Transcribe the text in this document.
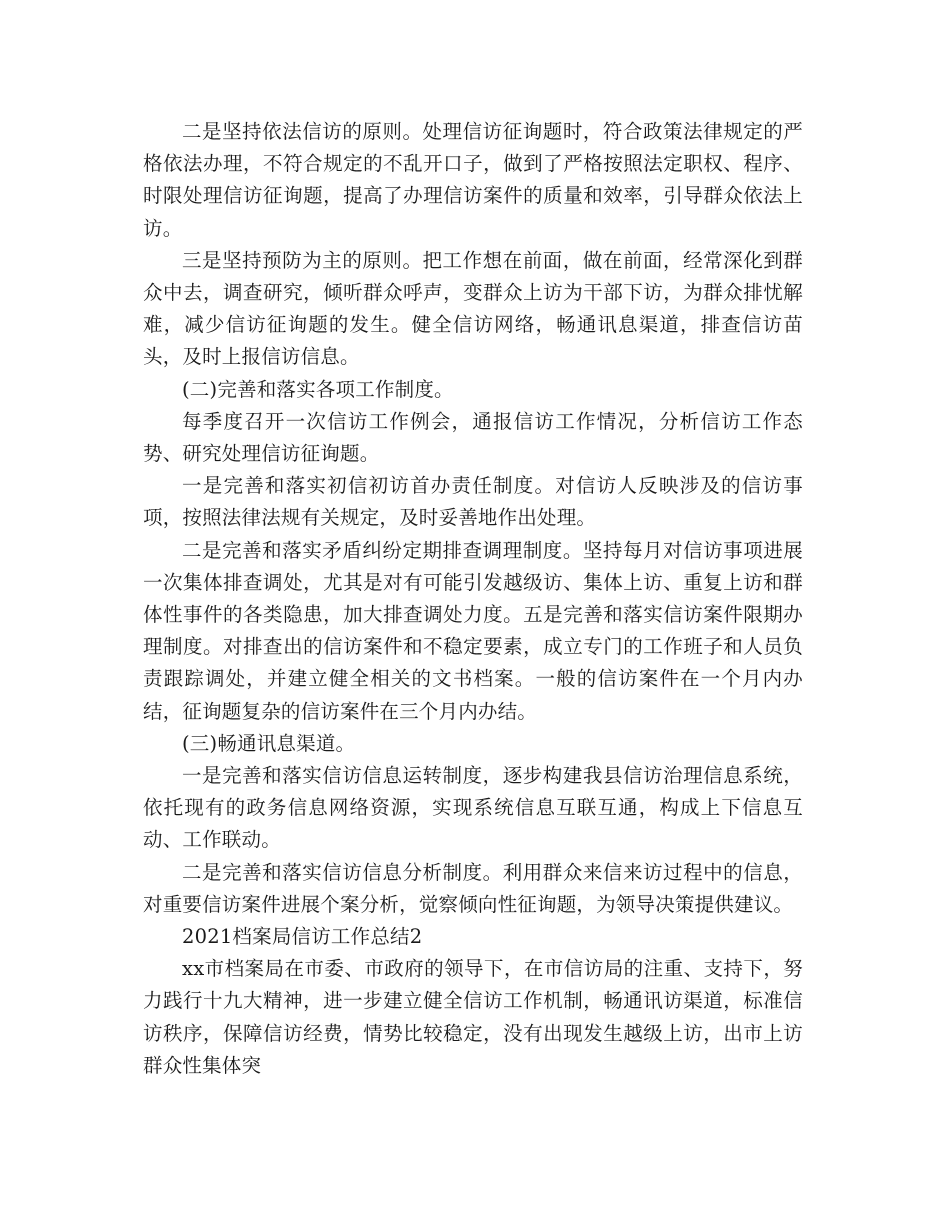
二是坚持依法信访的原则。处理信访征询题时，符合政策法律规定的严格依法办理，不符合规定的不乱开口子，做到了严格按照法定职权、程序、时限处理信访征询题，提高了办理信访案件的质量和效率，引导群众依法上访。

三是坚持预防为主的原则。把工作想在前面，做在前面，经常深化到群众中去，调查研究，倾听群众呼声，变群众上访为干部下访，为群众排忧解难，减少信访征询题的发生。健全信访网络，畅通讯息渠道，排查信访苗头，及时上报信访信息。

(二)完善和落实各项工作制度。

每季度召开一次信访工作例会，通报信访工作情况，分析信访工作态势、研究处理信访征询题。

一是完善和落实初信初访首办责任制度。对信访人反映涉及的信访事项，按照法律法规有关规定，及时妥善地作出处理。

二是完善和落实矛盾纠纷定期排查调理制度。坚持每月对信访事项进展一次集体排查调处，尤其是对有可能引发越级访、集体上访、重复上访和群体性事件的各类隐患，加大排查调处力度。五是完善和落实信访案件限期办理制度。对排查出的信访案件和不稳定要素，成立专门的工作班子和人员负责跟踪调处，并建立健全相关的文书档案。一般的信访案件在一个月内办结，征询题复杂的信访案件在三个月内办结。

(三)畅通讯息渠道。

一是完善和落实信访信息运转制度，逐步构建我县信访治理信息系统，依托现有的政务信息网络资源，实现系统信息互联互通，构成上下信息互动、工作联动。

二是完善和落实信访信息分析制度。利用群众来信来访过程中的信息，对重要信访案件进展个案分析，觉察倾向性征询题，为领导决策提供建议。

2021档案局信访工作总结2

xx市档案局在市委、市政府的领导下，在市信访局的注重、支持下，努力践行十九大精神，进一步建立健全信访工作机制，畅通讯访渠道，标准信访秩序，保障信访经费，情势比较稳定，没有出现发生越级上访，出市上访群众性集体突
